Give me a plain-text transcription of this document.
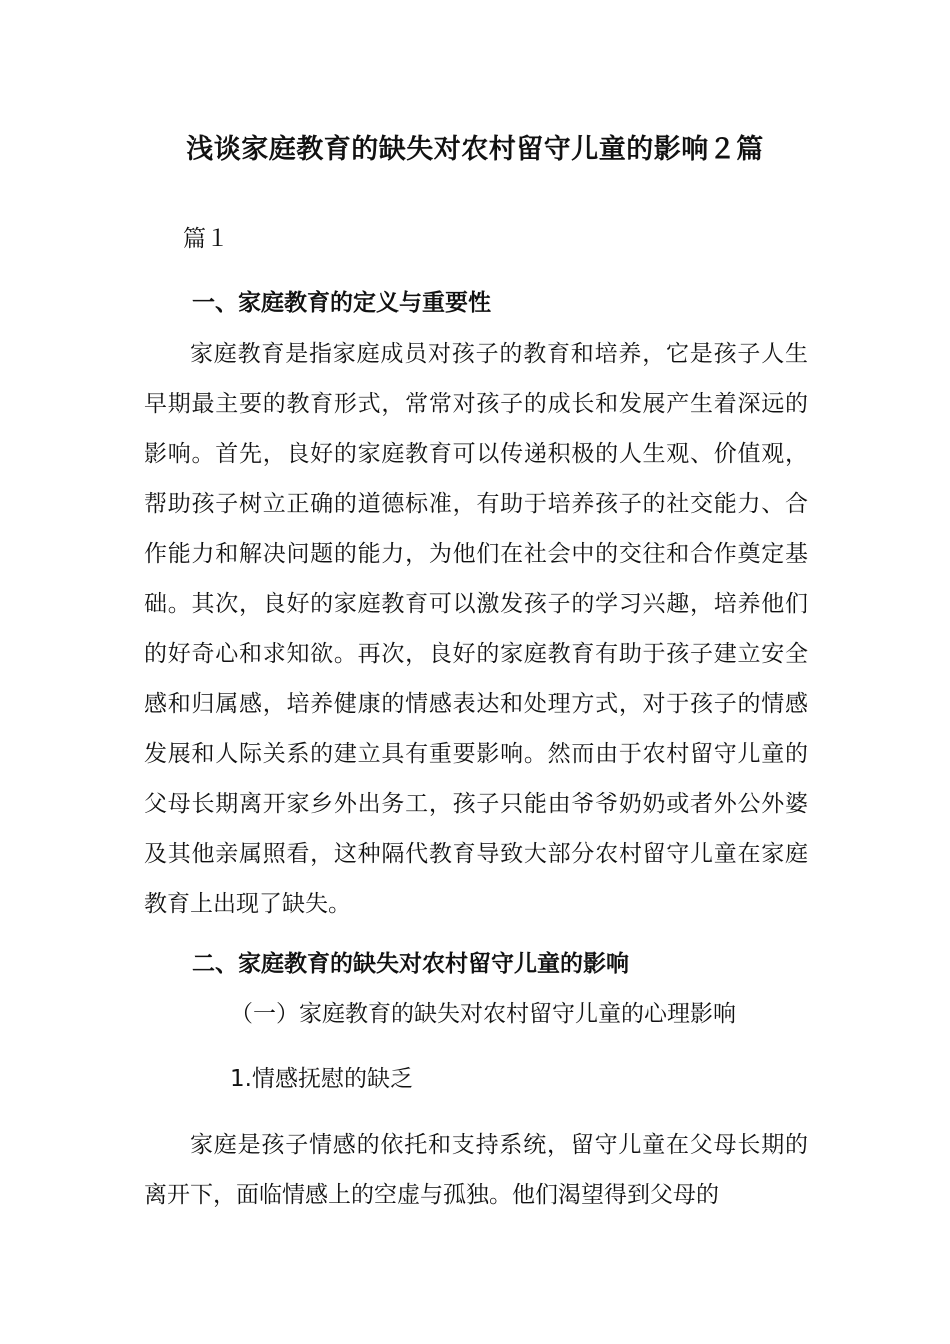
浅谈家庭教育的缺失对农村留守儿童的影响２篇
篇１
一、家庭教育的定义与重要性

家庭教育是指家庭成员对孩子的教育和培养，它是孩子人生早期最主要的教育形式，常常对孩子的成长和发展产生着深远的影响。首先，良好的家庭教育可以传递积极的人生观、价值观，帮助孩子树立正确的道德标准，有助于培养孩子的社交能力、合作能力和解决问题的能力，为他们在社会中的交往和合作奠定基础。其次，良好的家庭教育可以激发孩子的学习兴趣，培养他们的好奇心和求知欲。再次，良好的家庭教育有助于孩子建立安全感和归属感，培养健康的情感表达和处理方式，对于孩子的情感发展和人际关系的建立具有重要影响。然而由于农村留守儿童的父母长期离开家乡外出务工，孩子只能由爷爷奶奶或者外公外婆及其他亲属照看，这种隔代教育导致大部分农村留守儿童在家庭教育上出现了缺失。

二、家庭教育的缺失对农村留守儿童的影响
（一）家庭教育的缺失对农村留守儿童的心理影响
1.情感抚慰的缺乏

家庭是孩子情感的依托和支持系统，留守儿童在父母长期的离开下，面临情感上的空虚与孤独。他们渴望得到父母的
